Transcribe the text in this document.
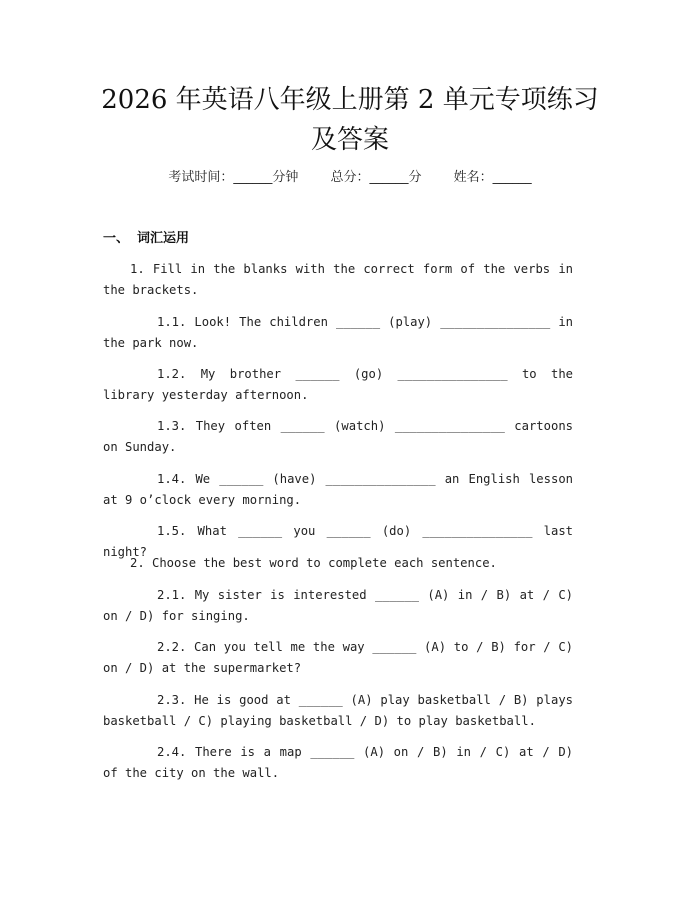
2026 年英语八年级上册第 2 单元专项练习及答案
考试时间：______分钟 总分：______分 姓名：______
一、 词汇运用

1. Fill in the blanks with the correct form of the verbs in the brackets.

1.1. Look! The children ______ (play) _______________ in the park now.

1.2. My brother ______ (go) _______________ to the library yesterday afternoon.

1.3. They often ______ (watch) _______________ cartoons on Sunday.

1.4. We ______ (have) _______________ an English lesson at 9 o’clock every morning.

1.5. What ______ you ______ (do) _______________ last night?

2. Choose the best word to complete each sentence.

2.1. My sister is interested ______ (A) in / B) at / C) on / D) for singing.

2.2. Can you tell me the way ______ (A) to / B) for / C) on / D) at the supermarket?

2.3. He is good at ______ (A) play basketball / B) plays basketball / C) playing basketball / D) to play basketball.

2.4. There is a map ______ (A) on / B) in / C) at / D) of the city on the wall.
